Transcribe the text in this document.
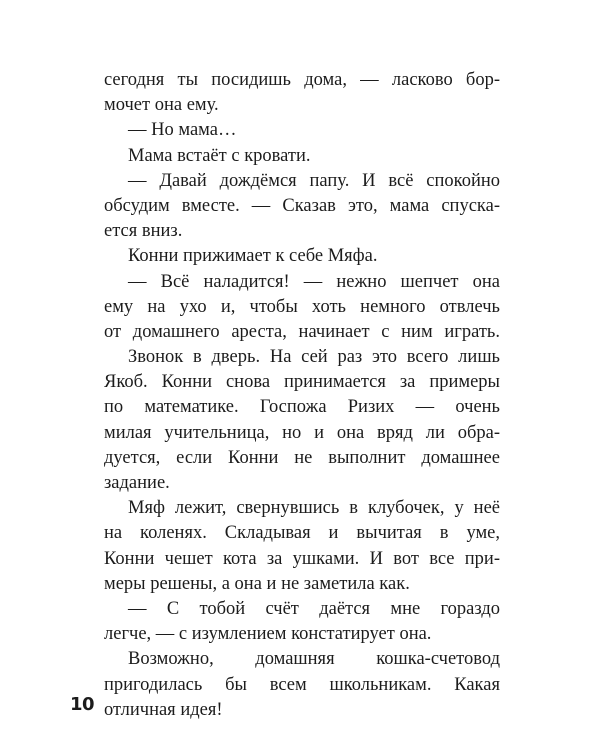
сегодня ты посидишь дома, — ласково бор-
мочет она ему.
— Но мама…
Мама встаёт с кровати.
— Давай дождёмся папу. И всё спокойно
обсудим вместе. — Сказав это, мама спуска-
ется вниз.
Конни прижимает к себе Мяфа.
— Всё наладится! — нежно шепчет она
ему на ухо и, чтобы хоть немного отвлечь
от домашнего ареста, начинает с ним играть.
Звонок в дверь. На сей раз это всего лишь
Якоб. Конни снова принимается за примеры
по математике. Госпожа Ризих — очень
милая учительница, но и она вряд ли обра-
дуется, если Конни не выполнит домашнее
задание.
Мяф лежит, свернувшись в клубочек, у неё
на коленях. Складывая и вычитая в уме,
Конни чешет кота за ушками. И вот все при-
меры решены, а она и не заметила как.
— С тобой счёт даётся мне гораздо
легче, — с изумлением констатирует она.
Возможно, домашняя кошка-счетовод
пригодилась бы всем школьникам. Какая
отличная идея!
10
